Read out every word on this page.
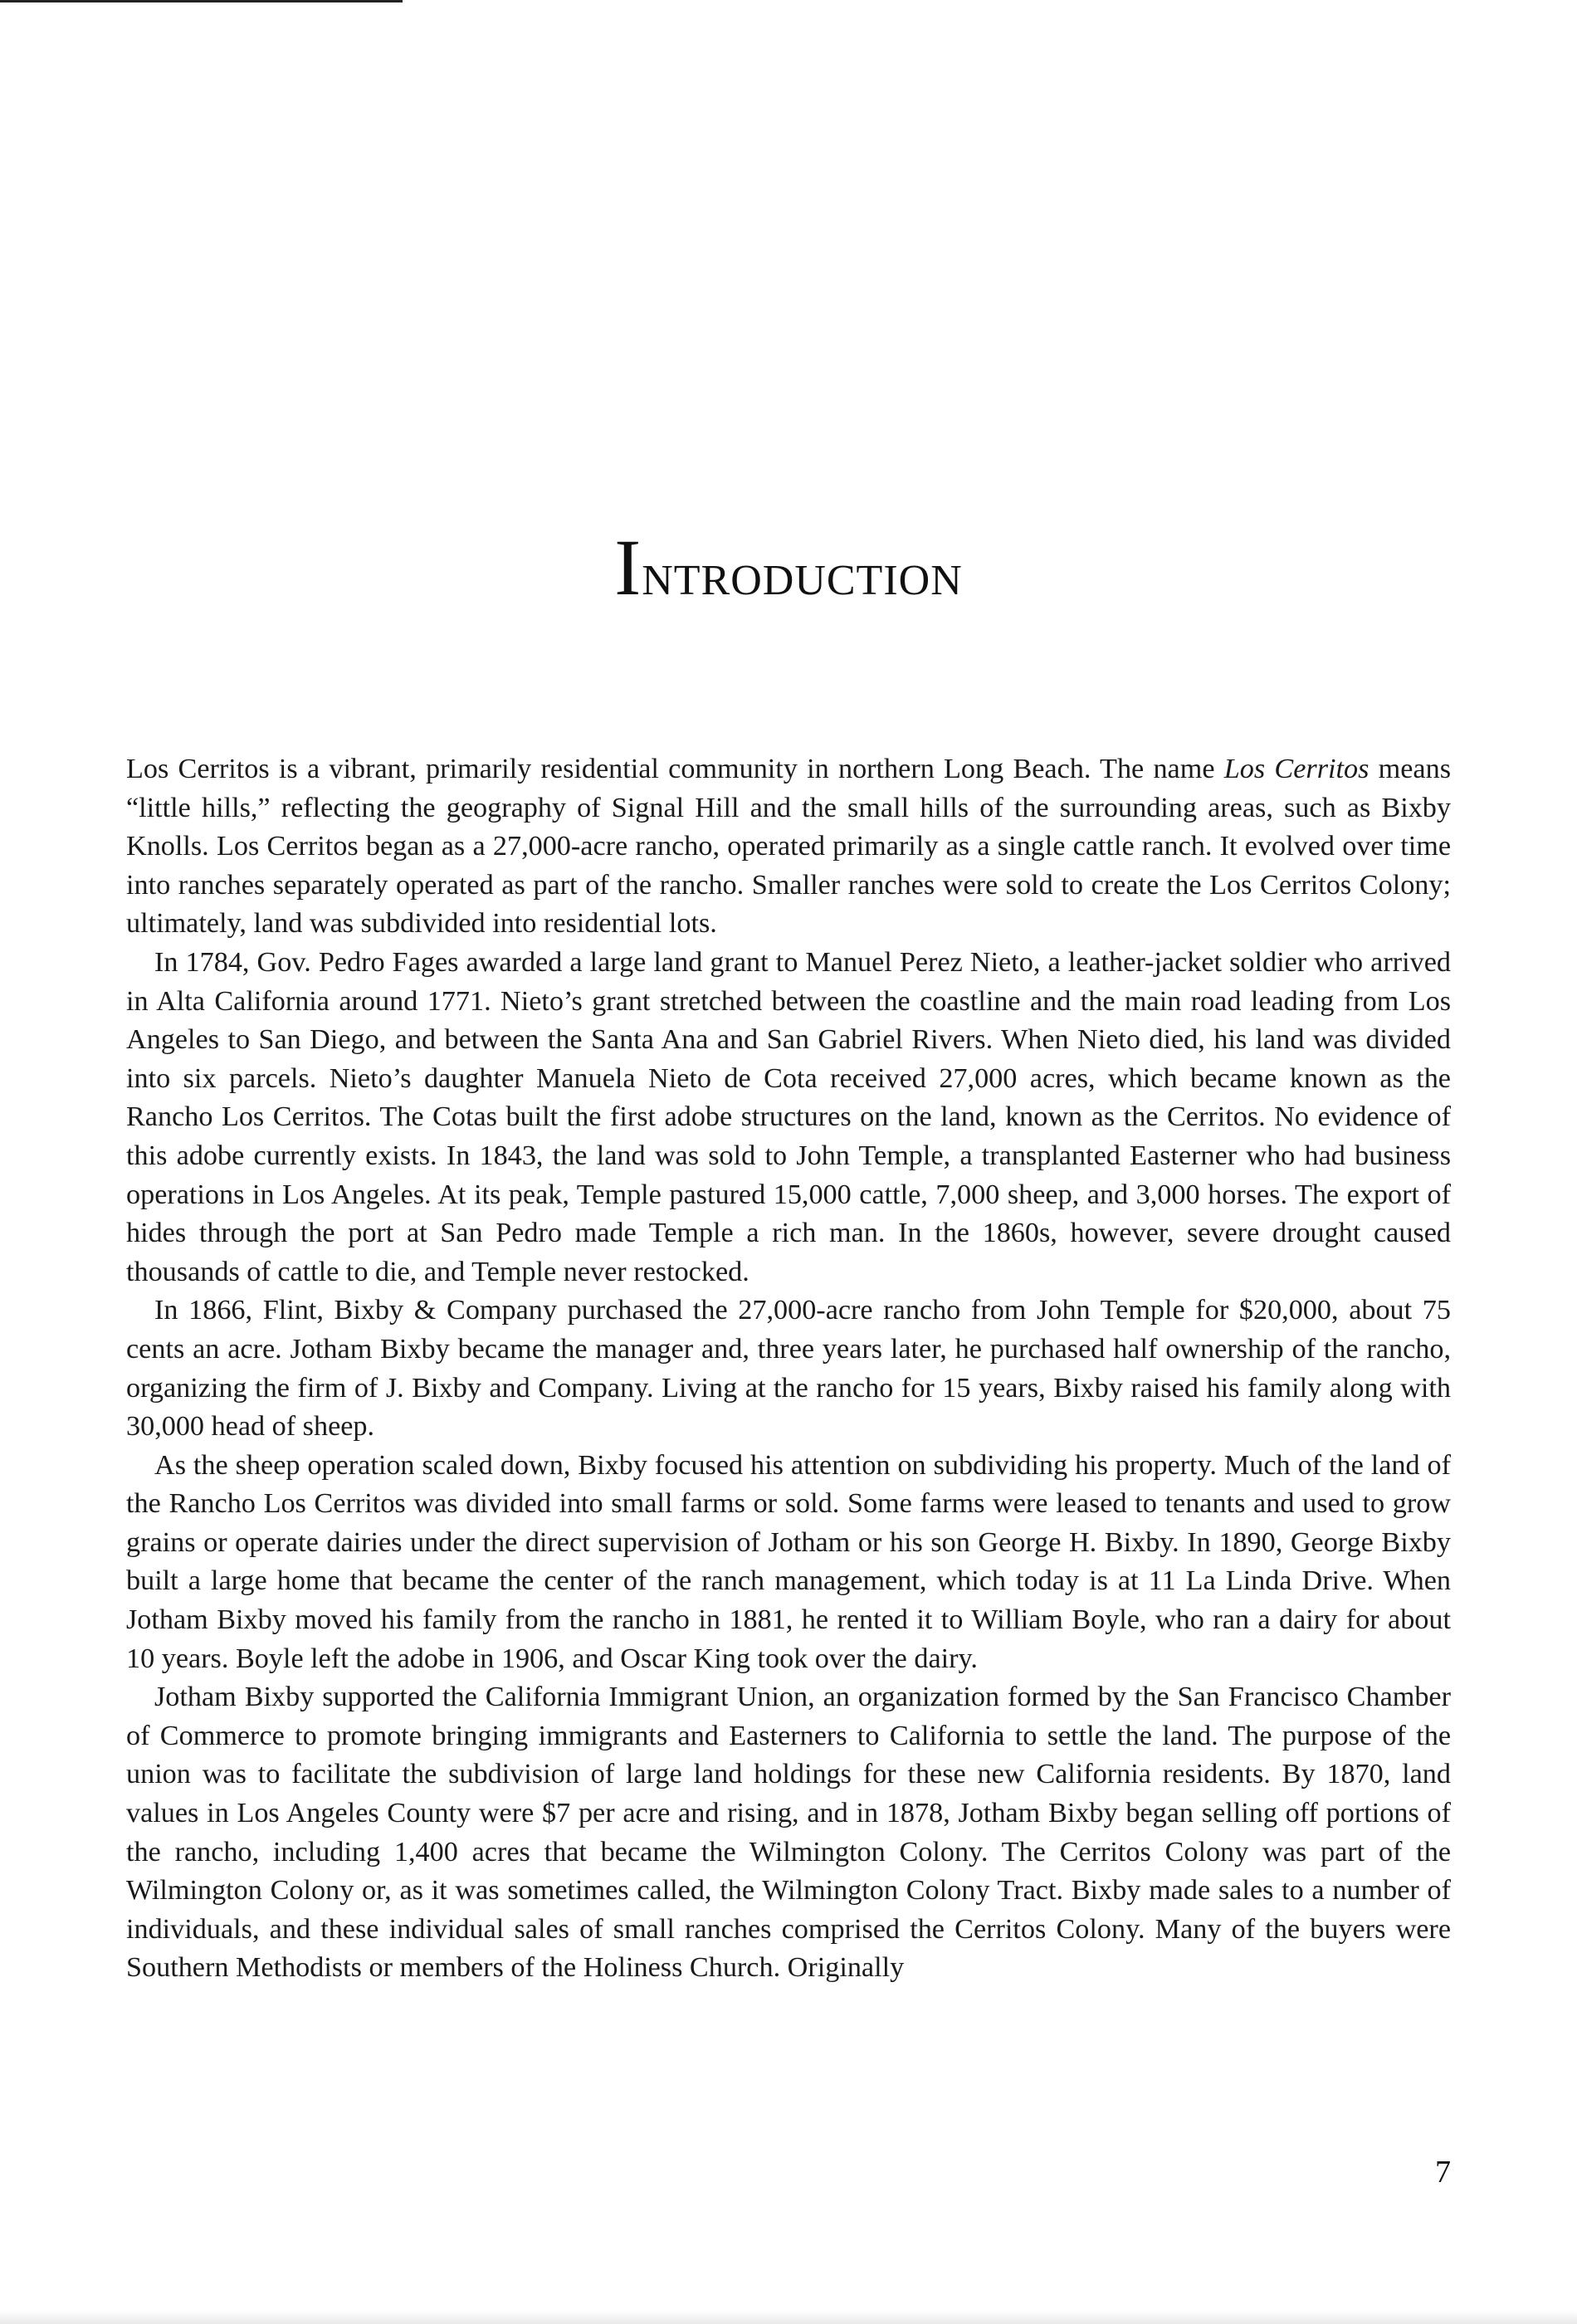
Introduction

Los Cerritos is a vibrant, primarily residential community in northern Long Beach. The name Los Cerritos means “little hills,” reflecting the geography of Signal Hill and the small hills of the surrounding areas, such as Bixby Knolls. Los Cerritos began as a 27,000-acre rancho, operated primarily as a single cattle ranch. It evolved over time into ranches separately operated as part of the rancho. Smaller ranches were sold to create the Los Cerritos Colony; ultimately, land was subdivided into residential lots.

In 1784, Gov. Pedro Fages awarded a large land grant to Manuel Perez Nieto, a leather-jacket soldier who arrived in Alta California around 1771. Nieto’s grant stretched between the coastline and the main road leading from Los Angeles to San Diego, and between the Santa Ana and San Gabriel Rivers. When Nieto died, his land was divided into six parcels. Nieto’s daughter Manuela Nieto de Cota received 27,000 acres, which became known as the Rancho Los Cerritos. The Cotas built the first adobe structures on the land, known as the Cerritos. No evidence of this adobe currently exists. In 1843, the land was sold to John Temple, a transplanted Easterner who had business operations in Los Angeles. At its peak, Temple pastured 15,000 cattle, 7,000 sheep, and 3,000 horses. The export of hides through the port at San Pedro made Temple a rich man. In the 1860s, however, severe drought caused thousands of cattle to die, and Temple never restocked.

In 1866, Flint, Bixby & Company purchased the 27,000-acre rancho from John Temple for $20,000, about 75 cents an acre. Jotham Bixby became the manager and, three years later, he purchased half ownership of the rancho, organizing the firm of J. Bixby and Company. Living at the rancho for 15 years, Bixby raised his family along with 30,000 head of sheep.

As the sheep operation scaled down, Bixby focused his attention on subdividing his property. Much of the land of the Rancho Los Cerritos was divided into small farms or sold. Some farms were leased to tenants and used to grow grains or operate dairies under the direct supervision of Jotham or his son George H. Bixby. In 1890, George Bixby built a large home that became the center of the ranch management, which today is at 11 La Linda Drive. When Jotham Bixby moved his family from the rancho in 1881, he rented it to William Boyle, who ran a dairy for about 10 years. Boyle left the adobe in 1906, and Oscar King took over the dairy.

Jotham Bixby supported the California Immigrant Union, an organization formed by the San Francisco Chamber of Commerce to promote bringing immigrants and Easterners to California to settle the land. The purpose of the union was to facilitate the subdivision of large land holdings for these new California residents. By 1870, land values in Los Angeles County were $7 per acre and rising, and in 1878, Jotham Bixby began selling off portions of the rancho, including 1,400 acres that became the Wilmington Colony. The Cerritos Colony was part of the Wilmington Colony or, as it was sometimes called, the Wilmington Colony Tract. Bixby made sales to a number of individuals, and these individual sales of small ranches comprised the Cerritos Colony. Many of the buyers were Southern Methodists or members of the Holiness Church. Originally

7
